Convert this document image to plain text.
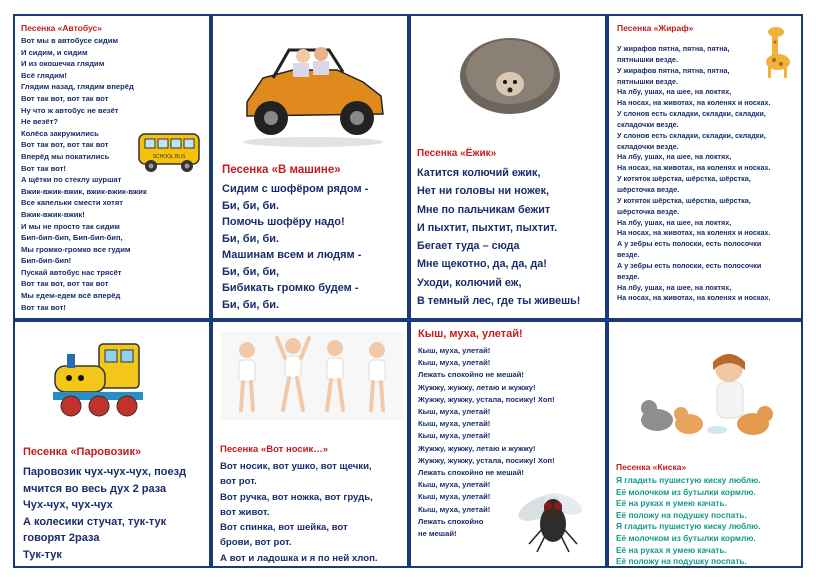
Песенка «Автобус»
Вот мы в автобусе сидим
И сидим, и сидим
И из окошечка глядим
Всё глядим!
Глядим назад, глядим вперёд
Вот так вот, вот так вот
Ну что ж автобус не везёт
Не везёт?
Колёса закружились
Вот так вот, вот так вот
Вперёд мы покатились
Вот так вот!
А щётки по стеклу шуршат
Вжик-вжик-вжик, вжик-вжик-вжик
Все капельки смести хотят
Вжик-вжик-вжик!
И мы не просто так сидим
Бип-бип-бип, Бип-бип-бип,
Мы громко-громко все гудим
Бип-бип-бип!
Пускай автобус нас трясёт
Вот так вот, вот так вот
Мы едем-едем всё вперёд
Вот так вот!
SCHOOL BUS
Песенка «В машине»
Сидим с шофёром рядом -
Би, би, би.
Помочь шофёру надо!
Би, би, би.
Машинам всем и людям -
Би, би, би,
Бибикать громко будем -
Би, би, би.
Песенка «Ёжик»
Катится колючий ежик,
Нет ни головы ни ножек,
Мне по пальчикам бежит
И пыхтит, пыхтит, пыхтит.
Бегает туда – сюда
Мне щекотно, да, да, да!
Уходи, колючий еж,
В темный лес, где ты живешь!
Песенка «Жираф»
У жирафов пятна, пятна, пятна,
пятнышки везде.
У жирафов пятна, пятна, пятна,
пятнышки везде.
На лбу, ушах, на шее, на локтях,
На носах, на животах, на коленях и носках.
У слонов есть складки, складки, складки,
складочки везде.
У слонов есть складки, складки, складки,
складочки везде.
На лбу, ушах, на шее, на локтях,
На носах, на животах, на коленях и носках.
У котяток шёрстка, шёрстка, шёрстка,
шёрсточка везде.
У котяток шёрстка, шёрстка, шёрстка,
шёрсточка везде.
На лбу, ушах, на шее, на локтях,
На носах, на животах, на коленях и носках.
А у зебры есть полоски, есть полосочки
везде.
А у зебры есть полоски, есть полосочки
везде.
На лбу, ушах, на шее, на локтях,
На носах, на животах, на коленях и носках.
Песенка «Паровозик»
Паровозик чух-чух-чух, поезд
мчится во весь дух 2 раза
Чух-чух, чух-чух
А колесики стучат, тук-тук
говорят 2раза
Тук-тук
Песенка «Вот носик…»
Вот носик, вот ушко, вот щечки,
вот рот.
Вот ручка, вот ножка, вот грудь,
вот живот.
Вот спинка, вот шейка, вот
брови, вот рот.
А вот и ладошка и я по ней хлоп.
Кыш, муха, улетай!
Кыш, муха, улетай!
Кыш, муха, улетай!
Лежать спокойно не мешай!
Жужжу, жужжу, летаю и жужжу!
Жужжу, жужжу, устала, посижу! Хоп!
Кыш, муха, улетай!
Кыш, муха, улетай!
Кыш, муха, улетай!
Жужжу, жужжу, летаю и жужжу!
Жужжу, жужжу, устала, посижу! Хоп!
Лежать спокойно не мешай!
Кыш, муха, улетай!
Кыш, муха, улетай!
Кыш, муха, улетай!
Лежать спокойно
не мешай!
Песенка «Киска»
Я гладить пушистую киску люблю.
Её молочком из бутылки кормлю.
Её на руках я умею качать.
Её положу на подушку поспать.
Я гладить пушистую киску люблю.
Её молочком из бутылки кормлю.
Её на руках я умею качать.
Её положу на подушку поспать.
